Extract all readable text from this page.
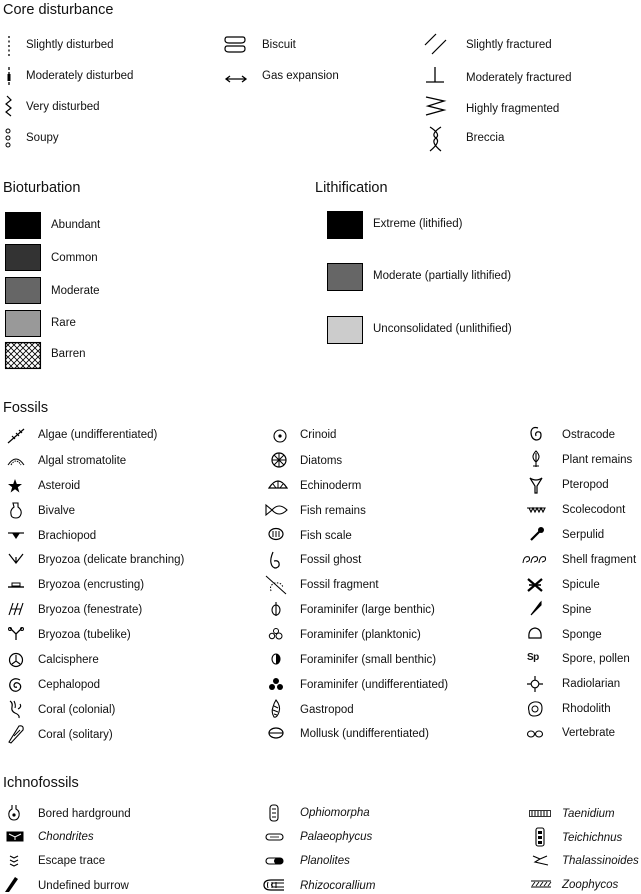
Core disturbance
Slightly disturbed
Moderately disturbed
Very disturbed
Soupy
Biscuit
Gas expansion
Slightly fractured
Moderately fractured
Highly fragmented
Breccia
Bioturbation
Abundant
Common
Moderate
Rare
Barren
Lithification
Extreme (lithified)
Moderate (partially lithified)
Unconsolidated (unlithified)
Fossils
Algae (undifferentiated)
Algal stromatolite
Asteroid
Bivalve
Brachiopod
Bryozoa (delicate branching)
Bryozoa (encrusting)
Bryozoa (fenestrate)
Bryozoa (tubelike)
Calcisphere
Cephalopod
Coral (colonial)
Coral (solitary)
Crinoid
Diatoms
Echinoderm
Fish remains
Fish scale
Fossil ghost
Fossil fragment
Foraminifer (large benthic)
Foraminifer (planktonic)
Foraminifer (small benthic)
Foraminifer (undifferentiated)
Gastropod
Mollusk (undifferentiated)
Ostracode
Plant remains
Pteropod
Scolecodont
Serpulid
Shell fragment
Spicule
Spine
Sponge
Sp Spore, pollen
Radiolarian
Rhodolith
Vertebrate
Ichnofossils
Bored hardground
Chondrites
Escape trace
Undefined burrow
Ophiomorpha
Palaeophycus
Planolites
Rhizocorallium
Taenidium
Teichichnus
Thalassinoides
Zoophycos
